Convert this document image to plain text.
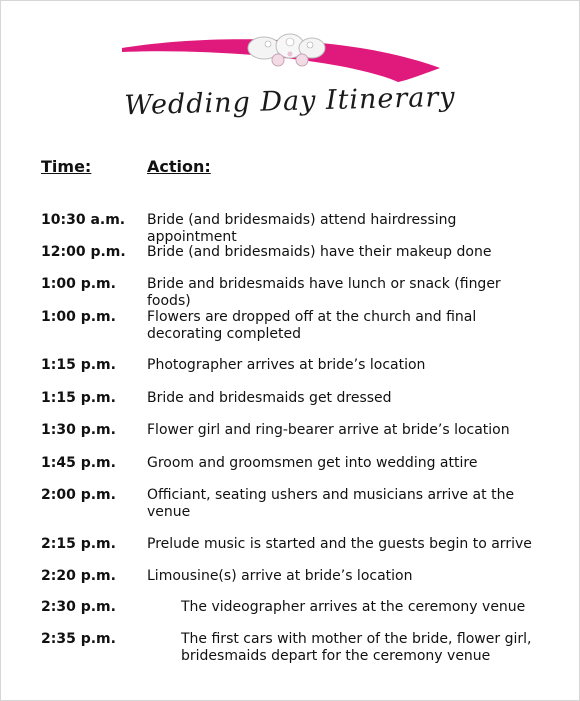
Wedding Day Itinerary
Time:	Action:
10:30 a.m. Bride (and bridesmaids) attend hairdressing appointment
12:00 p.m. Bride (and bridesmaids) have their makeup done
1:00 p.m. Bride and bridesmaids have lunch or snack (finger foods)
1:00 p.m. Flowers are dropped off at the church and final decorating completed
1:15 p.m. Photographer arrives at bride’s location
1:15 p.m. Bride and bridesmaids get dressed
1:30 p.m. Flower girl and ring-bearer arrive at bride’s location
1:45 p.m. Groom and groomsmen get into wedding attire
2:00 p.m. Officiant, seating ushers and musicians arrive at the venue
2:15 p.m. Prelude music is started and the guests begin to arrive
2:20 p.m. Limousine(s) arrive at bride’s location
2:30 p.m.	The videographer arrives at the ceremony venue
2:35 p.m.	The first cars with mother of the bride, flower girl, bridesmaids depart for the ceremony venue
